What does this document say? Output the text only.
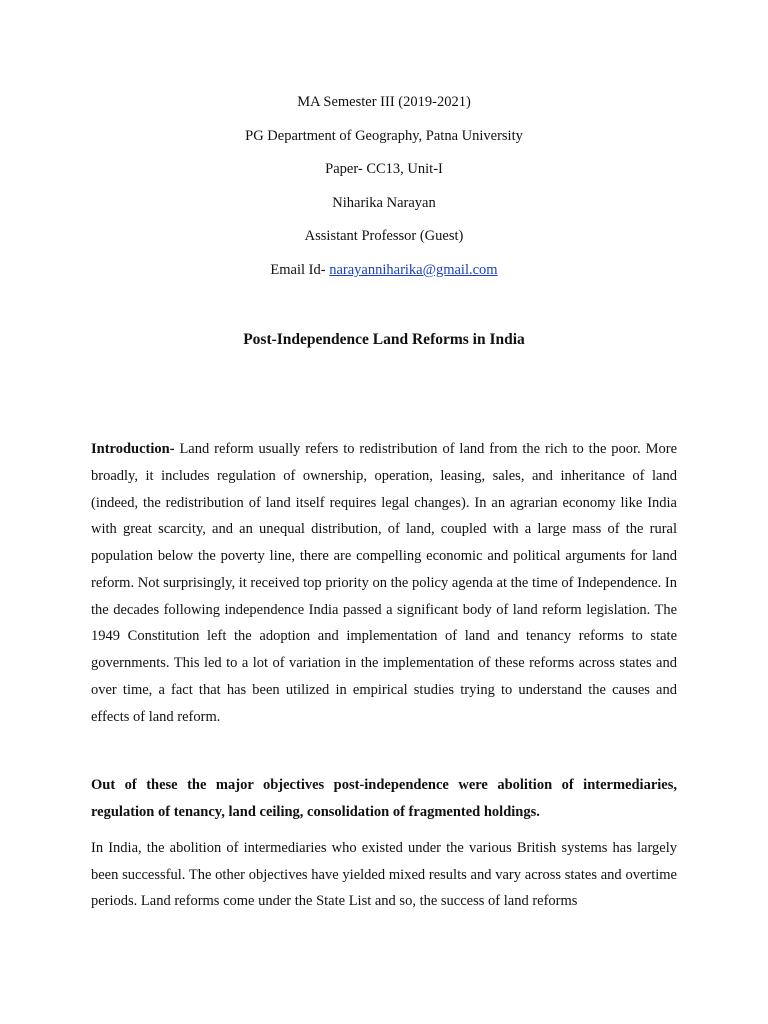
MA Semester III (2019-2021)
PG Department of Geography, Patna University
Paper- CC13, Unit-I
Niharika Narayan
Assistant Professor (Guest)
Email Id- narayanniharika@gmail.com
Post-Independence Land Reforms in India
Introduction- Land reform usually refers to redistribution of land from the rich to the poor. More broadly, it includes regulation of ownership, operation, leasing, sales, and inheritance of land (indeed, the redistribution of land itself requires legal changes). In an agrarian economy like India with great scarcity, and an unequal distribution, of land, coupled with a large mass of the rural population below the poverty line, there are compelling economic and political arguments for land reform. Not surprisingly, it received top priority on the policy agenda at the time of Independence. In the decades following independence India passed a significant body of land reform legislation. The 1949 Constitution left the adoption and implementation of land and tenancy reforms to state governments. This led to a lot of variation in the implementation of these reforms across states and over time, a fact that has been utilized in empirical studies trying to understand the causes and effects of land reform.
Out of these the major objectives post-independence were abolition of intermediaries, regulation of tenancy, land ceiling, consolidation of fragmented holdings.
In India, the abolition of intermediaries who existed under the various British systems has largely been successful. The other objectives have yielded mixed results and vary across states and overtime periods. Land reforms come under the State List and so, the success of land reforms
